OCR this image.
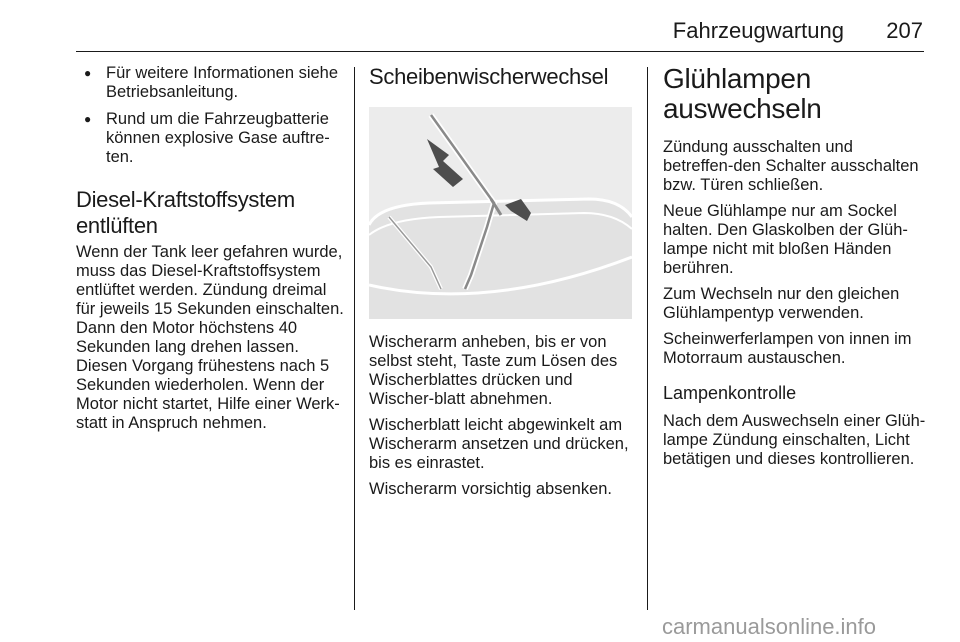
Fahrzeugwartung 207
● Für weitere Informationen siehe Betriebsanleitung.
● Rund um die Fahrzeugbatterie können explosive Gase auftre-ten.
Diesel-Kraftstoffsystem entlüften

Wenn der Tank leer gefahren wurde, muss das Diesel-Kraftstoffsystem entlüftet werden. Zündung dreimal für jeweils 15 Sekunden einschalten. Dann den Motor höchstens 40 Sekunden lang drehen lassen. Diesen Vorgang frühestens nach 5 Sekunden wiederholen. Wenn der Motor nicht startet, Hilfe einer Werk-statt in Anspruch nehmen.

Scheibenwischerwechsel

Wischerarm anheben, bis er von selbst steht, Taste zum Lösen des Wischerblattes drücken und Wischer-blatt abnehmen.

Wischerblatt leicht abgewinkelt am Wischerarm ansetzen und drücken, bis es einrastet.

Wischerarm vorsichtig absenken.

Glühlampen auswechseln

Zündung ausschalten und betreffen-den Schalter ausschalten bzw. Türen schließen.

Neue Glühlampe nur am Sockel halten. Den Glaskolben der Glüh-lampe nicht mit bloßen Händen berühren.

Zum Wechseln nur den gleichen Glühlampentyp verwenden.

Scheinwerferlampen von innen im Motorraum austauschen.

Lampenkontrolle

Nach dem Auswechseln einer Glüh-lampe Zündung einschalten, Licht betätigen und dieses kontrollieren.

carmanualsonline.info
